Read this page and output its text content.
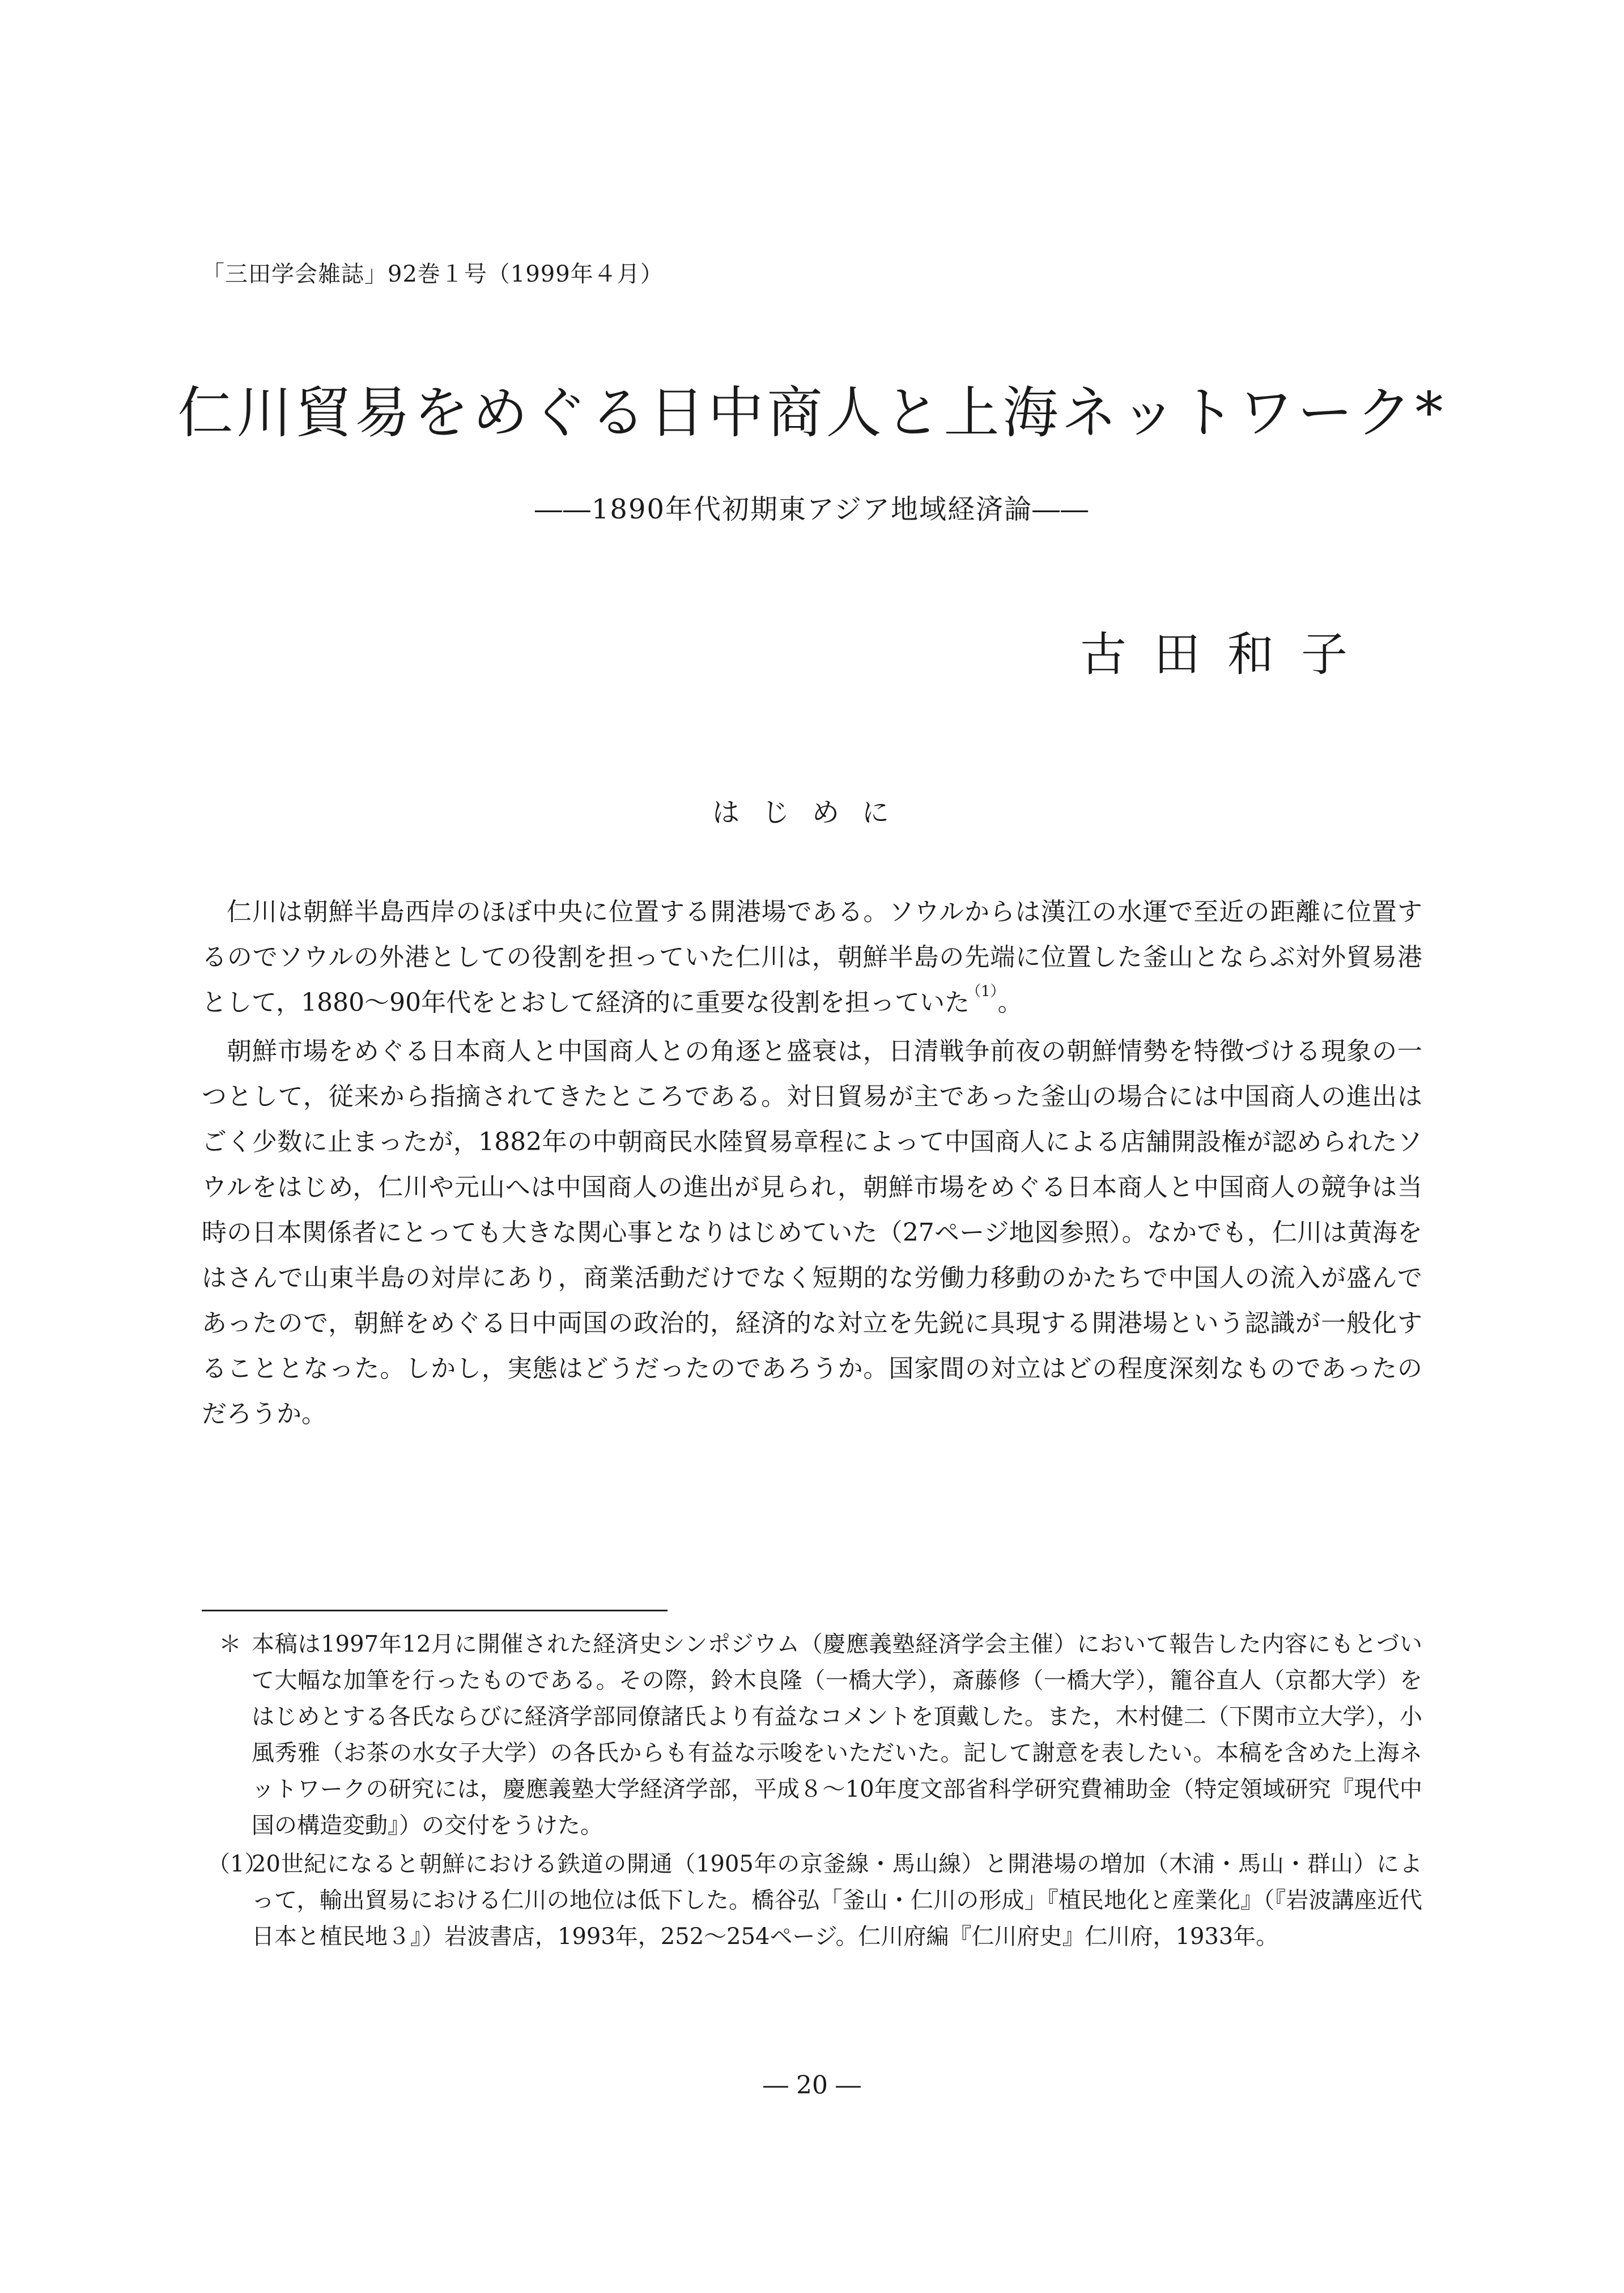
「三田学会雑誌」92巻１号（1999年４月）
仁川貿易をめぐる日中商人と上海ネットワーク*
――1890年代初期東アジア地域経済論――
古田和子
はじめに

仁川は朝鮮半島西岸のほぼ中央に位置する開港場である。ソウルからは漢江の水運で至近の距離に位置するのでソウルの外港としての役割を担っていた仁川は，朝鮮半島の先端に位置した釜山とならぶ対外貿易港として，1880〜90年代をとおして経済的に重要な役割を担っていた$^{(1)}$。

朝鮮市場をめぐる日本商人と中国商人との角逐と盛衰は，日清戦争前夜の朝鮮情勢を特徴づける現象の一つとして，従来から指摘されてきたところである。対日貿易が主であった釜山の場合には中国商人の進出はごく少数に止まったが，1882年の中朝商民水陸貿易章程によって中国商人による店舗開設権が認められたソウルをはじめ，仁川や元山へは中国商人の進出が見られ，朝鮮市場をめぐる日本商人と中国商人の競争は当時の日本関係者にとっても大きな関心事となりはじめていた（27ページ地図参照）。なかでも，仁川は黄海をはさんで山東半島の対岸にあり，商業活動だけでなく短期的な労働力移動のかたちで中国人の流入が盛んであったので，朝鮮をめぐる日中両国の政治的，経済的な対立を先鋭に具現する開港場という認識が一般化することとなった。しかし，実態はどうだったのであろうか。国家間の対立はどの程度深刻なものであったのだろうか。

＊ 本稿は1997年12月に開催された経済史シンポジウム（慶應義塾経済学会主催）において報告した内容にもとづいて大幅な加筆を行ったものである。その際，鈴木良隆（一橋大学），斎藤修（一橋大学），籠谷直人（京都大学）をはじめとする各氏ならびに経済学部同僚諸氏より有益なコメントを頂戴した。また，木村健二（下関市立大学），小風秀雅（お茶の水女子大学）の各氏からも有益な示唆をいただいた。記して謝意を表したい。本稿を含めた上海ネットワークの研究には，慶應義塾大学経済学部，平成８〜10年度文部省科学研究費補助金（特定領域研究『現代中国の構造変動』）の交付をうけた。
（1）
20世紀になると朝鮮における鉄道の開通（1905年の京釜線・馬山線）と開港場の増加（木浦・馬山・群山）によって，輸出貿易における仁川の地位は低下した。橋谷弘「釜山・仁川の形成」『植民地化と産業化』（『岩波講座近代日本と植民地３』）岩波書店，1993年，252〜254ページ。仁川府編『仁川府史』仁川府，1933年。
― 20 ―
